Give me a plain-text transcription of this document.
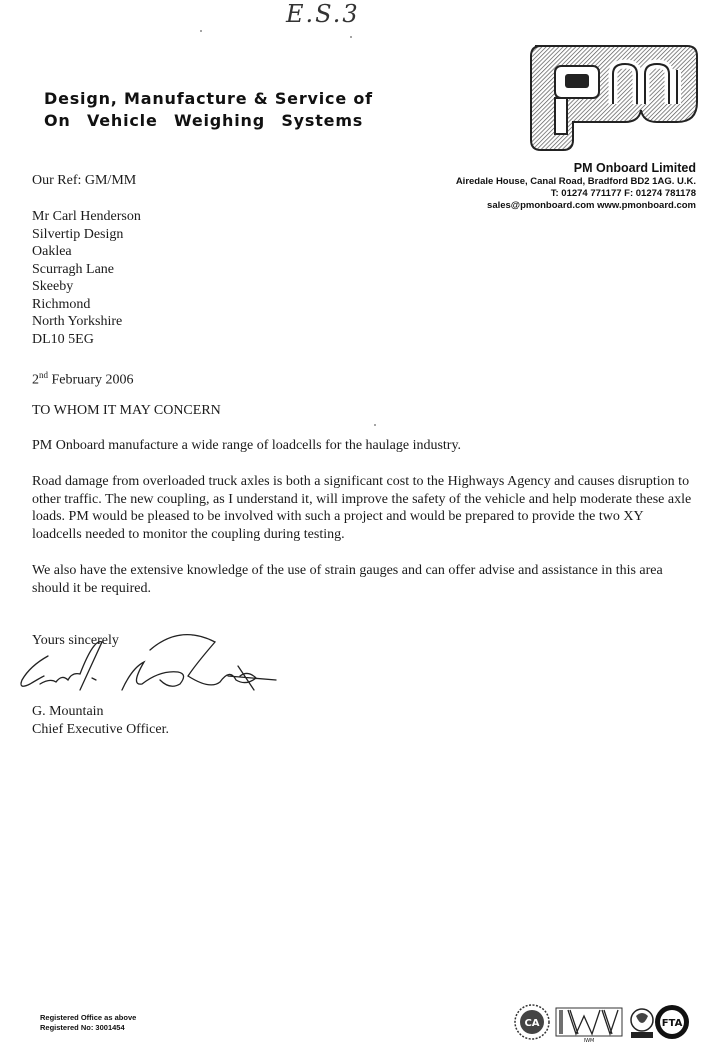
E.S.3
Design, Manufacture & Service of
On Vehicle Weighing Systems
PM Onboard Limited
Airedale House, Canal Road, Bradford BD2 1AG. U.K.
T: 01274 771177 F: 01274 781178
sales@pmonboard.com www.pmonboard.com
Our Ref: GM/MM
Mr Carl Henderson
Silvertip Design
Oaklea
Scurragh Lane
Skeeby
Richmond
North Yorkshire
DL10 5EG
2nd February 2006
TO WHOM IT MAY CONCERN
PM Onboard manufacture a wide range of loadcells for the haulage industry.
Road damage from overloaded truck axles is both a significant cost to the Highways Agency and causes disruption to other traffic. The new coupling, as I understand it, will improve the safety of the vehicle and help moderate these axle loads. PM would be pleased to be involved with such a project and would be prepared to provide the two XY loadcells needed to monitor the coupling during testing.
We also have the extensive knowledge of the use of strain gauges and can offer advise and assistance in this area should it be required.
Yours sincerely
G. Mountain
Chief Executive Officer.
Registered Office as above
Registered No: 3001454	CA
IWM
FTA
